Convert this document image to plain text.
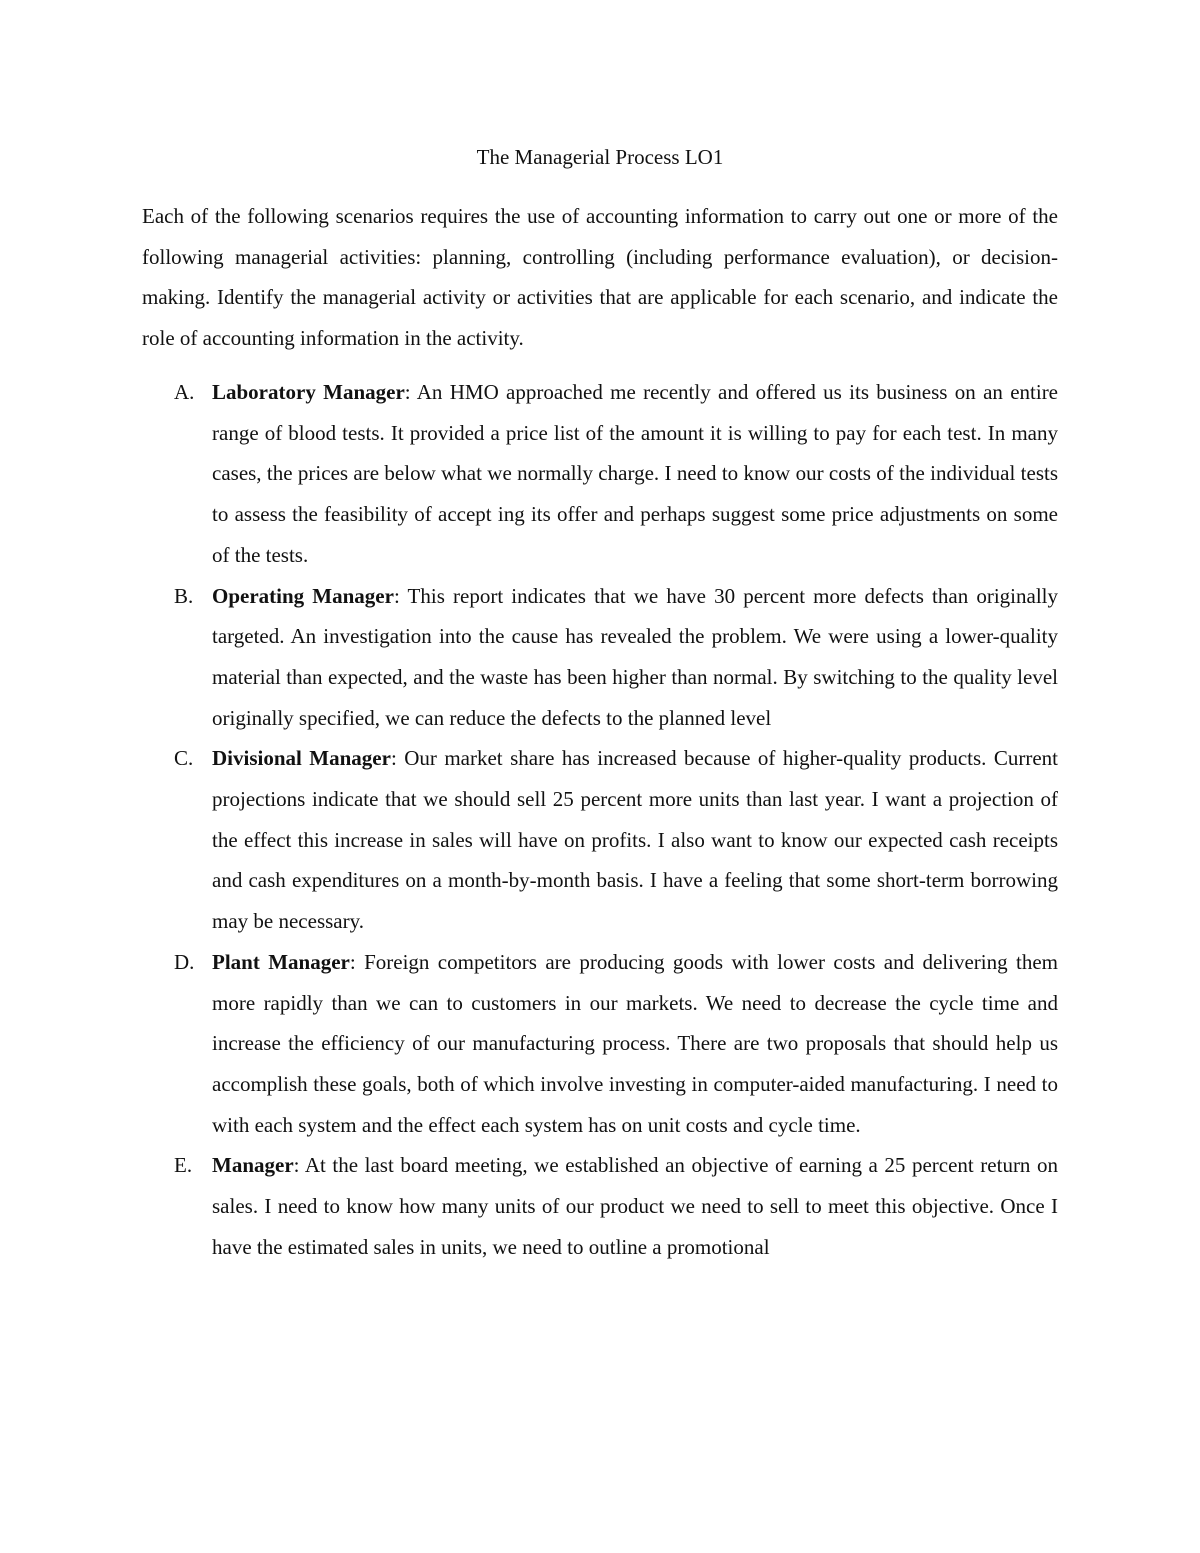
The Managerial Process LO1

Each of the following scenarios requires the use of accounting information to carry out one or more of the following managerial activities: planning, controlling (including performance evaluation), or decision-making. Identify the managerial activity or activities that are applicable for each scenario, and indicate the role of accounting information in the activity.

A. Laboratory Manager: An HMO approached me recently and offered us its business on an entire range of blood tests. It provided a price list of the amount it is willing to pay for each test. In many cases, the prices are below what we normally charge. I need to know our costs of the individual tests to assess the feasibility of accept ing its offer and perhaps suggest some price adjustments on some of the tests.
B. Operating Manager: This report indicates that we have 30 percent more defects than originally targeted. An investigation into the cause has revealed the problem. We were using a lower-quality material than expected, and the waste has been higher than normal. By switching to the quality level originally specified, we can reduce the defects to the planned level
C. Divisional Manager: Our market share has increased because of higher-quality products. Current projections indicate that we should sell 25 percent more units than last year. I want a projection of the effect this increase in sales will have on profits. I also want to know our expected cash receipts and cash expenditures on a month-by-month basis. I have a feeling that some short-term borrowing may be necessary.
D. Plant Manager: Foreign competitors are producing goods with lower costs and delivering them more rapidly than we can to customers in our markets. We need to decrease the cycle time and increase the efficiency of our manufacturing process. There are two proposals that should help us accomplish these goals, both of which involve investing in computer-aided manufacturing. I need to with each system and the effect each system has on unit costs and cycle time.
E. Manager: At the last board meeting, we established an objective of earning a 25 percent return on sales. I need to know how many units of our product we need to sell to meet this objective. Once I have the estimated sales in units, we need to outline a promotional
